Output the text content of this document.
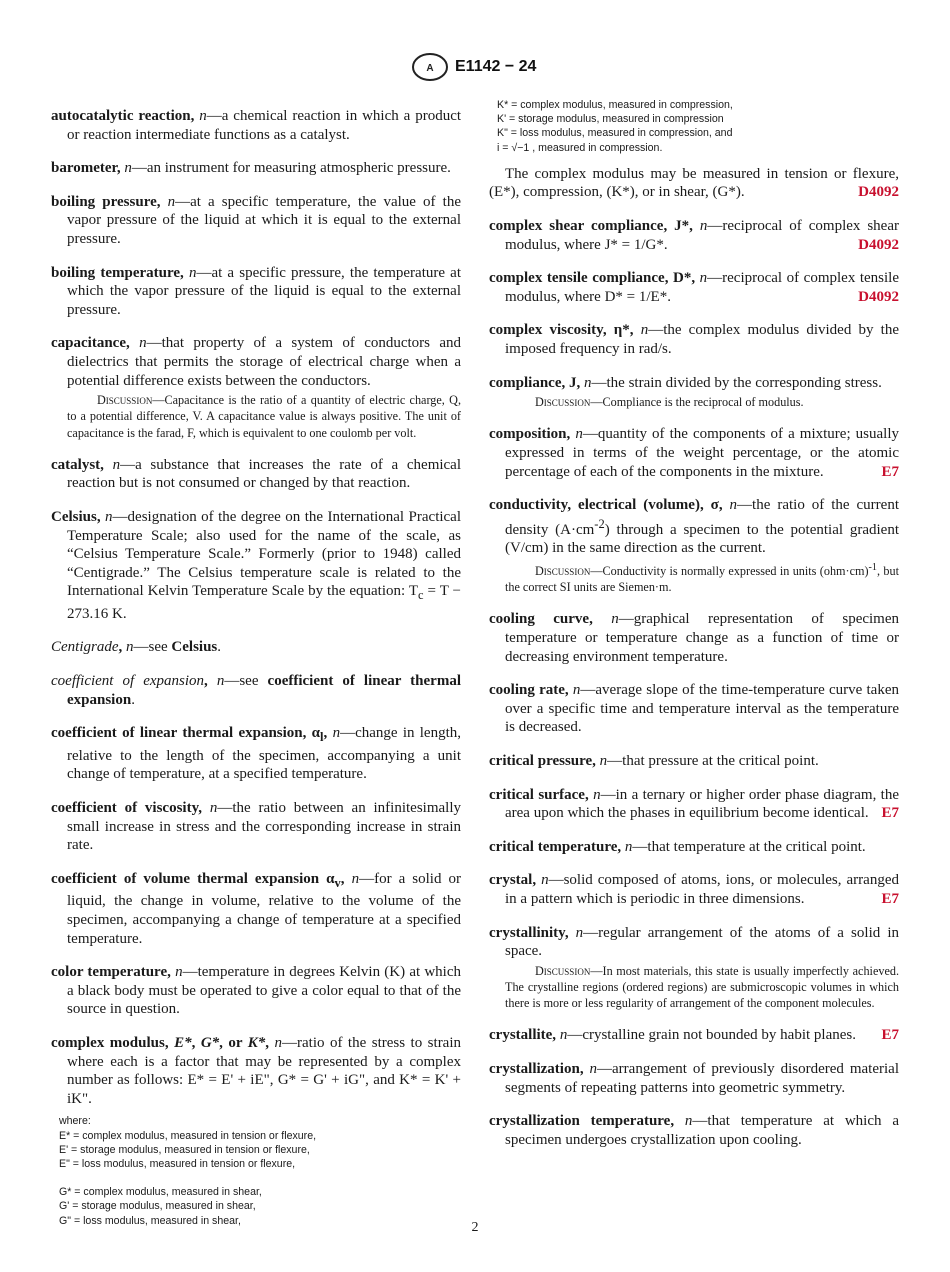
A E1142 − 24

autocatalytic reaction, n—a chemical reaction in which a product or reaction intermediate functions as a catalyst.

barometer, n—an instrument for measuring atmospheric pressure.

boiling pressure, n—at a specific temperature, the value of the vapor pressure of the liquid at which it is equal to the external pressure.

boiling temperature, n—at a specific pressure, the temperature at which the vapor pressure of the liquid is equal to the external pressure.

capacitance, n—that property of a system of conductors and dielectrics that permits the storage of electrical charge when a potential difference exists between the conductors.

Discussion—Capacitance is the ratio of a quantity of electric charge, Q, to a potential difference, V. A capacitance value is always positive. The unit of capacitance is the farad, F, which is equivalent to one coulomb per volt.

catalyst, n—a substance that increases the rate of a chemical reaction but is not consumed or changed by that reaction.

Celsius, n—designation of the degree on the International Practical Temperature Scale; also used for the name of the scale, as “Celsius Temperature Scale.” Formerly (prior to 1948) called “Centigrade.” The Celsius temperature scale is related to the International Kelvin Temperature Scale by the equation: $T_c = T - 273.16$ K.

Centigrade, n—see Celsius.

coefficient of expansion, n—see coefficient of linear thermal expansion.

coefficient of linear thermal expansion, $\alpha_l$, n—change in length, relative to the length of the specimen, accompanying a unit change of temperature, at a specified temperature.

coefficient of viscosity, n—the ratio between an infinitesimally small increase in stress and the corresponding increase in strain rate.

coefficient of volume thermal expansion $\alpha_v$, n—for a solid or liquid, the change in volume, relative to the volume of the specimen, accompanying a change of temperature at a specified temperature.

color temperature, n—temperature in degrees Kelvin (K) at which a black body must be operated to give a color equal to that of the source in question.

complex modulus, E*, G*, or K*, n—ratio of the stress to strain where each is a factor that may be represented by a complex number as follows: E* = E' + iE", G* = G' + iG", and K* = K' + iK".

where:
E* = complex modulus, measured in tension or flexure,
E' = storage modulus, measured in tension or flexure,
E" = loss modulus, measured in tension or flexure,
G* = complex modulus, measured in shear,
G' = storage modulus, measured in shear,
G" = loss modulus, measured in shear,
K* = complex modulus, measured in compression,
K' = storage modulus, measured in compression
K" = loss modulus, measured in compression, and
i = √−1 , measured in compression.

The complex modulus may be measured in tension or flexure, (E*), compression, (K*), or in shear, (G*).	D4092

complex shear compliance, J*, n—reciprocal of complex shear modulus, where J* = 1/G*.	D4092

complex tensile compliance, D*, n—reciprocal of complex tensile modulus, where D* = 1/E*.	D4092

complex viscosity, η*, n—the complex modulus divided by the imposed frequency in rad/s.

compliance, J, n—the strain divided by the corresponding stress.

Discussion—Compliance is the reciprocal of modulus.

composition, n—quantity of the components of a mixture; usually expressed in terms of the weight percentage, or the atomic percentage of each of the components in the mixture.	E7

conductivity, electrical (volume), σ, n—the ratio of the current density $(A\cdot cm^{-2})$ through a specimen to the potential gradient (V/cm) in the same direction as the current.

Discussion—Conductivity is normally expressed in units $(ohm\cdot cm)^{-1}$, but the correct SI units are Siemen·m.

cooling curve, n—graphical representation of specimen temperature or temperature change as a function of time or decreasing environment temperature.

cooling rate, n—average slope of the time-temperature curve taken over a specific time and temperature interval as the temperature is decreased.

critical pressure, n—that pressure at the critical point.

critical surface, n—in a ternary or higher order phase diagram, the area upon which the phases in equilibrium become identical. E7

critical temperature, n—that temperature at the critical point.

crystal, n—solid composed of atoms, ions, or molecules, arranged in a pattern which is periodic in three dimensions.	E7

crystallinity, n—regular arrangement of the atoms of a solid in space.

Discussion—In most materials, this state is usually imperfectly achieved. The crystalline regions (ordered regions) are submicroscopic volumes in which there is more or less regularity of arrangement of the component molecules.

crystallite, n—crystalline grain not bounded by habit planes. E7

crystallization, n—arrangement of previously disordered material segments of repeating patterns into geometric symmetry.

crystallization temperature, n—that temperature at which a specimen undergoes crystallization upon cooling.

2
